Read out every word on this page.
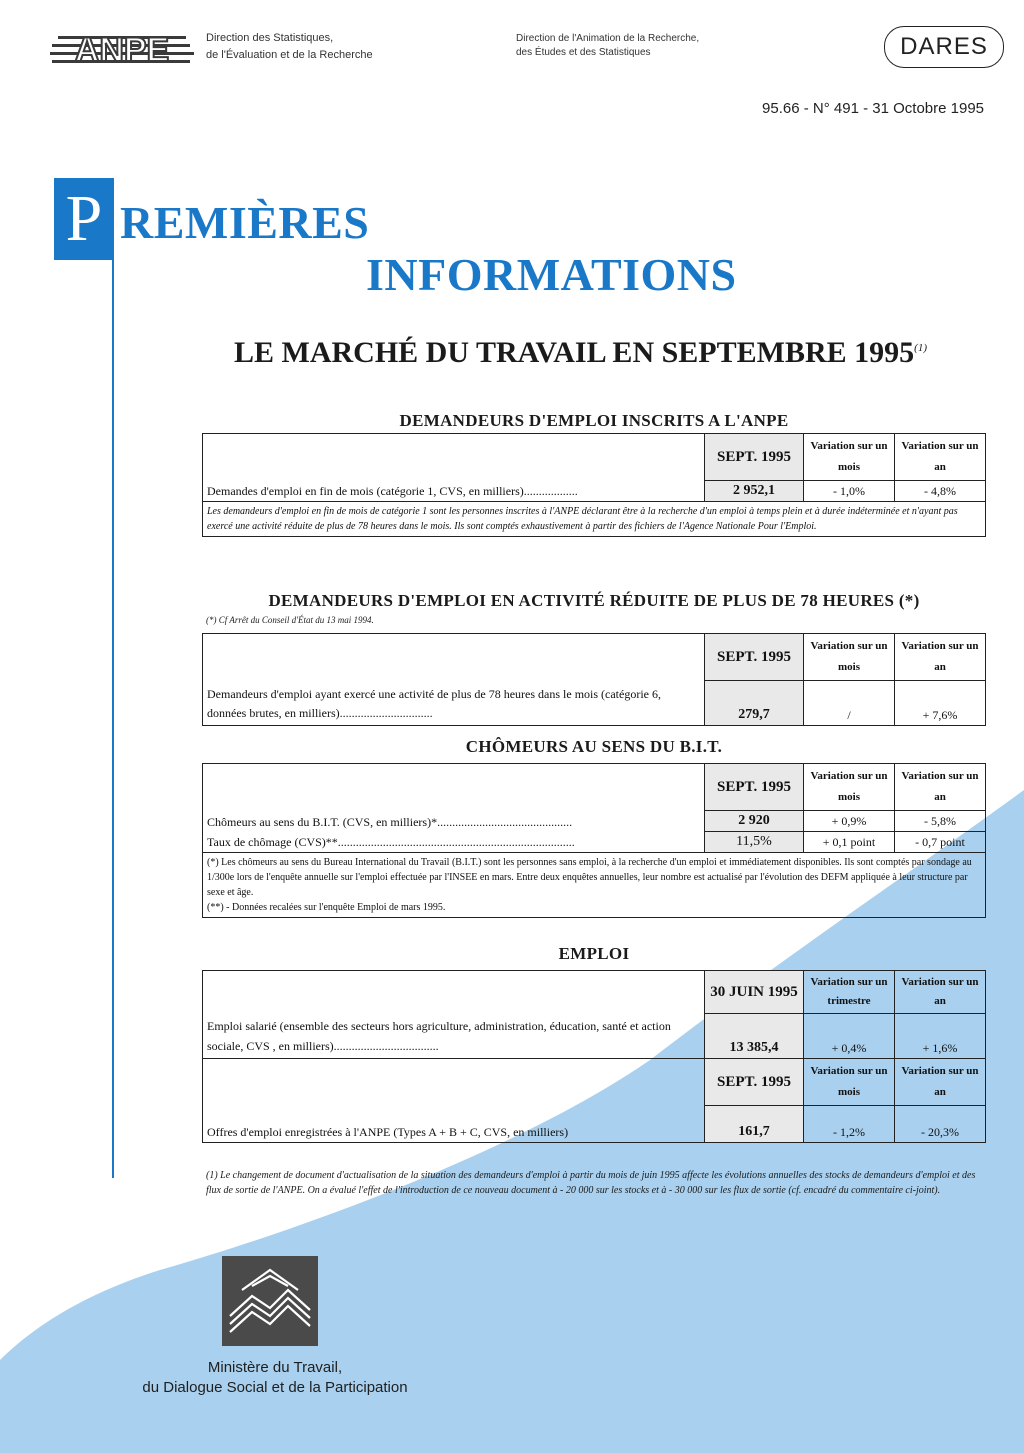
ANPE	Direction des Statistiques,
de l'Évaluation et de la Recherche
Direction de l'Animation de la Recherche,
des Études et des Statistiques	DARES
95.66 - N° 491 - 31 Octobre 1995
P REMIÈRES
INFORMATIONS
LE MARCHÉ DU TRAVAIL EN SEPTEMBRE 1995$^{(1)}$
DEMANDEURS D'EMPLOI INSCRITS A L'ANPE
	SEPT. 1995	Variation sur un mois	Variation sur un an
Demandes d'emploi en fin de mois (catégorie 1, CVS, en milliers)..................	2 952,1	- 1,0%	- 4,8%
Les demandeurs d'emploi en fin de mois de catégorie 1 sont les personnes inscrites à l'ANPE déclarant être à la recherche d'un emploi à temps plein et à durée indéterminée et n'ayant pas exercé une activité réduite de plus de 78 heures dans le mois. Ils sont comptés exhaustivement à partir des fichiers de l'Agence Nationale Pour l'Emploi.			
DEMANDEURS D'EMPLOI EN ACTIVITÉ RÉDUITE DE PLUS DE 78 HEURES (*)
(*) Cf Arrêt du Conseil d'État du 13 mai 1994.
	SEPT. 1995	Variation sur un mois	Variation sur un an
Demandeurs d'emploi ayant exercé une activité de plus de 78 heures dans le mois (catégorie 6, données brutes, en milliers)...............................	279,7	/	+ 7,6%
CHÔMEURS AU SENS DU B.I.T.
	SEPT. 1995	Variation sur un mois	Variation sur un an
Chômeurs au sens du B.I.T. (CVS, en milliers)*.............................................	2 920	+ 0,9%	- 5,8%
Taux de chômage (CVS)**...............................................................................	11,5%	+ 0,1 point	- 0,7 point

(*) Les chômeurs au sens du Bureau International du Travail (B.I.T.) sont les personnes sans emploi, à la recherche d'un emploi et immédiatement disponibles. Ils sont comptés par sondage au 1/300e lors de l'enquête annuelle sur l'emploi effectuée par l'INSEE en mars. Entre deux enquêtes annuelles, leur nombre est actualisé par l'évolution des DEFM appliquée à leur structure par sexe et âge.
(**) - Données recalées sur l'enquête Emploi de mars 1995.			
EMPLOI
	30 JUIN 1995	Variation sur un trimestre	Variation sur un an
Emploi salarié (ensemble des secteurs hors agriculture, administration, éducation, santé et action sociale, CVS , en milliers)...................................	13 385,4	+ 0,4%	+ 1,6%
	SEPT. 1995	Variation sur un mois	Variation sur un an
Offres d'emploi enregistrées à l'ANPE (Types A + B + C, CVS, en milliers)	161,7	- 1,2%	- 20,3%
(1) Le changement de document d'actualisation de la situation des demandeurs d'emploi à partir du mois de juin 1995 affecte les évolutions annuelles des stocks de demandeurs d'emploi et des flux de sortie de l'ANPE. On a évalué l'effet de l'introduction de ce nouveau document à - 20 000 sur les stocks et à - 30 000 sur les flux de sortie (cf. encadré du commentaire ci-joint).
Ministère du Travail,
du Dialogue Social et de la Participation
